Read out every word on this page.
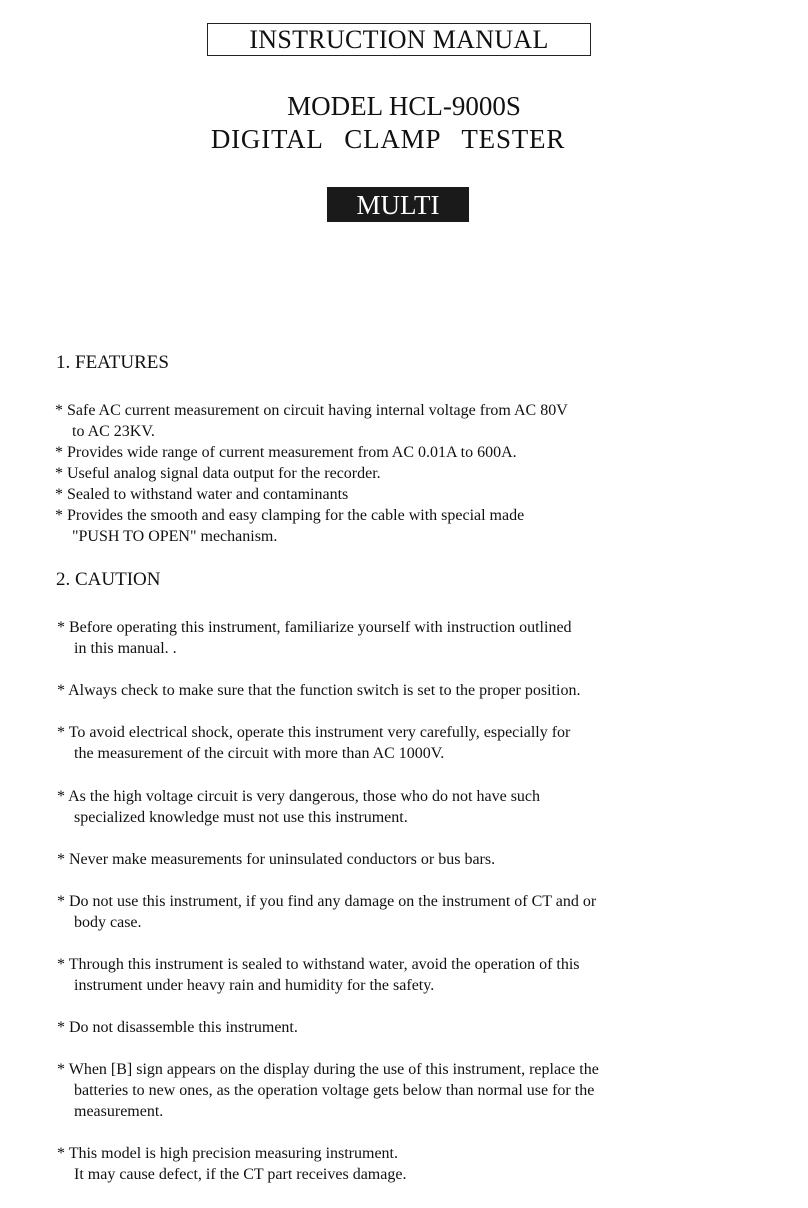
INSTRUCTION MANUAL
MODEL HCL-9000S
DIGITAL CLAMP TESTER
MULTI
1. FEATURES
* Safe AC current measurement on circuit having internal voltage from AC 80V
to AC 23KV.
* Provides wide range of current measurement from AC 0.01A to 600A.
* Useful analog signal data output for the recorder.
* Sealed to withstand water and contaminants
* Provides the smooth and easy clamping for the cable with special made
"PUSH TO OPEN" mechanism.
2. CAUTION
* Before operating this instrument, familiarize yourself with instruction outlined
in this manual. .
* Always check to make sure that the function switch is set to the proper position.
* To avoid electrical shock, operate this instrument very carefully, especially for
the measurement of the circuit with more than AC 1000V.
* As the high voltage circuit is very dangerous, those who do not have such
specialized knowledge must not use this instrument.
* Never make measurements for uninsulated conductors or bus bars.
* Do not use this instrument, if you find any damage on the instrument of CT and or
body case.
* Through this instrument is sealed to withstand water, avoid the operation of this
instrument under heavy rain and humidity for the safety.
* Do not disassemble this instrument.
* When [B] sign appears on the display during the use of this instrument, replace the
batteries to new ones, as the operation voltage gets below than normal use for the
measurement.
* This model is high precision measuring instrument.
It may cause defect, if the CT part receives damage.
